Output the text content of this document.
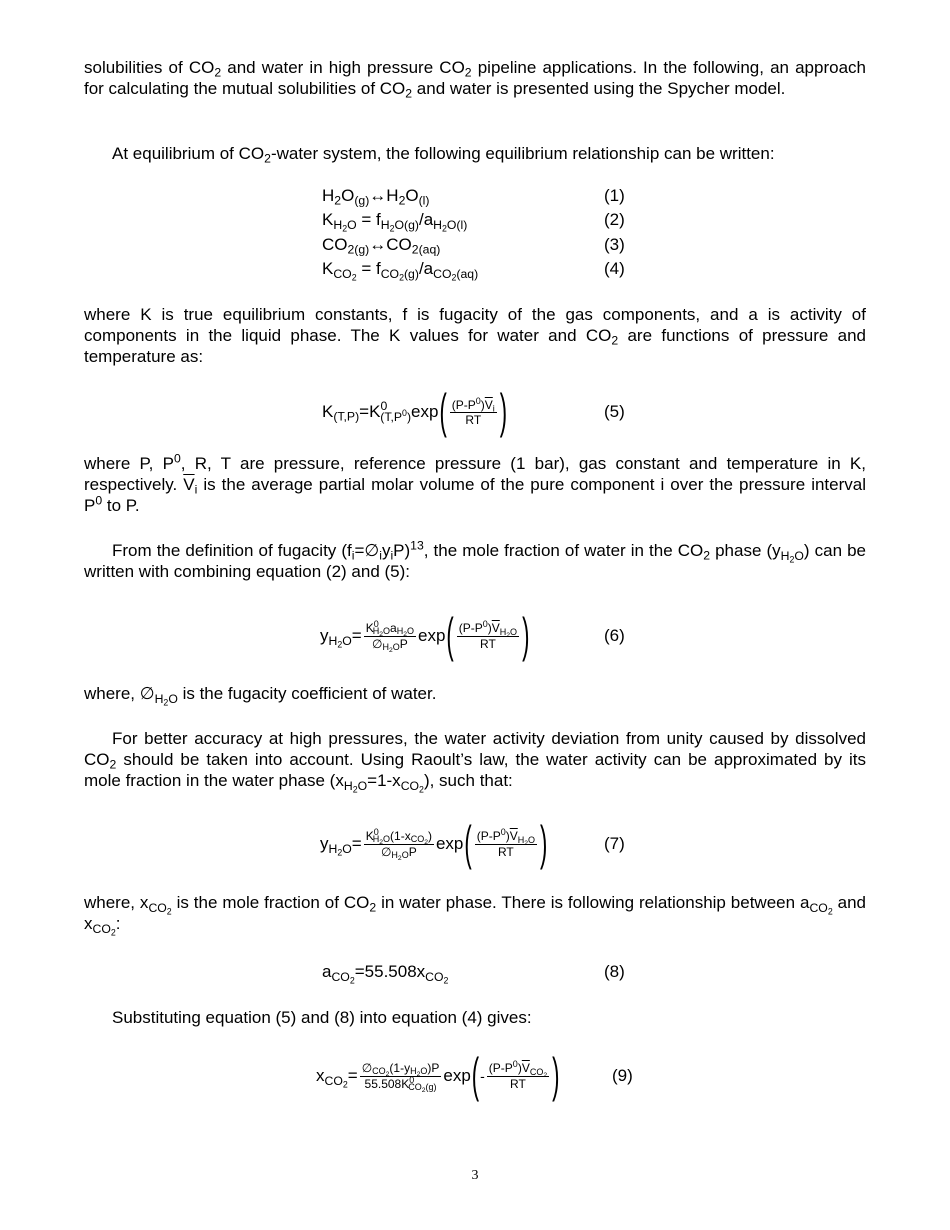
solubilities of $CO_2$ and water in high pressure $CO_2$ pipeline applications. In the following, an approach for calculating the mutual solubilities of $CO_2$ and water is presented using the Spycher model.

At equilibrium of $CO_2$-water system, the following equilibrium relationship can be written:

$H_2O_{(g)}\leftrightarrow H_2O_{(l)}$	(1)
$K_{H_2O} = f_{H_2O(g)}/a_{H_2O(l)}$	(2)
$CO_{2(g)}\leftrightarrow CO_{2(aq)}$	(3)
$K_{CO_2} = f_{CO_2(g)}/a_{CO_2(aq)}$	(4)

where K is true equilibrium constants, f is fugacity of the gas components, and a is activity of components in the liquid phase. The K values for water and $CO_2$ are functions of pressure and temperature as:

$K_{(T,P)}=K^0_{(T,P^0)}\exp$ ( $\frac{(P-P^0)\overline{V}_i}{RT}$ )	(5)

where P, $P^0$, R, T are pressure, reference pressure (1 bar), gas constant and temperature in K, respectively. $\overline{V}_i$ is the average partial molar volume of the pure component i over the pressure interval $P^0$ to P.

From the definition of fugacity $(f_i=\emptyset_iy_iP)^{13}$, the mole fraction of water in the $CO_2$ phase $(y_{H_2O})$ can be written with combining equation (2) and (5):

$y_{H_2O}= \frac{K^0_{H_2O}a_{H_2O}}{\emptyset_{H_2O}P}$ exp ( $\frac{(P-P^0)\overline{V}_{H_2O}}{RT}$ )	(6)

where, $\emptyset_{H_2O}$ is the fugacity coefficient of water.

For better accuracy at high pressures, the water activity deviation from unity caused by dissolved $CO_2$ should be taken into account. Using Raoult’s law, the water activity can be approximated by its mole fraction in the water phase $(x_{H_2O}=1-x_{CO_2})$, such that:

$y_{H_2O}= \frac{K^0_{H_2O}(1-x_{CO_2})}{\emptyset_{H_2O}P}$ exp ( $\frac{(P-P^0)\overline{V}_{H_2O}}{RT}$ )	(7)

where, $x_{CO_2}$ is the mole fraction of $CO_2$ in water phase. There is following relationship between $a_{CO_2}$ and $x_{CO_2}$:

$a_{CO_2}=55.508x_{CO_2}$	(8)

Substituting equation (5) and (8) into equation (4) gives:

$x_{CO_2}= \frac{\emptyset_{CO_2}(1-y_{H_2O})P}{55.508K^0_{CO_2(g)}}$ exp ( - $\frac{(P-P^0)\overline{V}_{CO_2}}{RT}$ )	(9)
3
